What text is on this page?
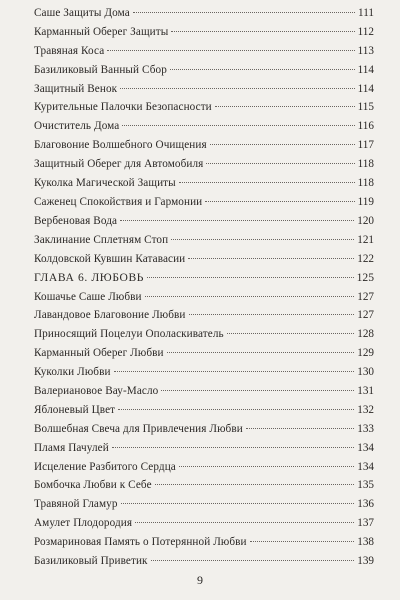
Саше Защиты Дома	111
Карманный Оберег Защиты	112
Травяная Коса	113
Базиликовый Ванный Сбор	114
Защитный Венок	114
Курительные Палочки Безопасности	115
Очиститель Дома	116
Благовоние Волшебного Очищения	117
Защитный Оберег для Автомобиля	118
Куколка Магической Защиты	118
Саженец Спокойствия и Гармонии	119
Вербеновая Вода	120
Заклинание Сплетням Стоп	121
Колдовской Кувшин Катавасии	122
ГЛАВА 6. ЛЮБОВЬ	125
Кошачье Саше Любви	127
Лавандовое Благовоние Любви	127
Приносящий Поцелуи Ополаскиватель	128
Карманный Оберег Любви	129
Куколки Любви	130
Валериановое Вау-Масло	131
Яблоневый Цвет	132
Волшебная Свеча для Привлечения Любви	133
Пламя Пачулей	134
Исцеление Разбитого Сердца	134
Бомбочка Любви к Себе	135
Травяной Гламур	136
Амулет Плодородия	137
Розмариновая Память о Потерянной Любви	138
Базиликовый Приветик	139
9
